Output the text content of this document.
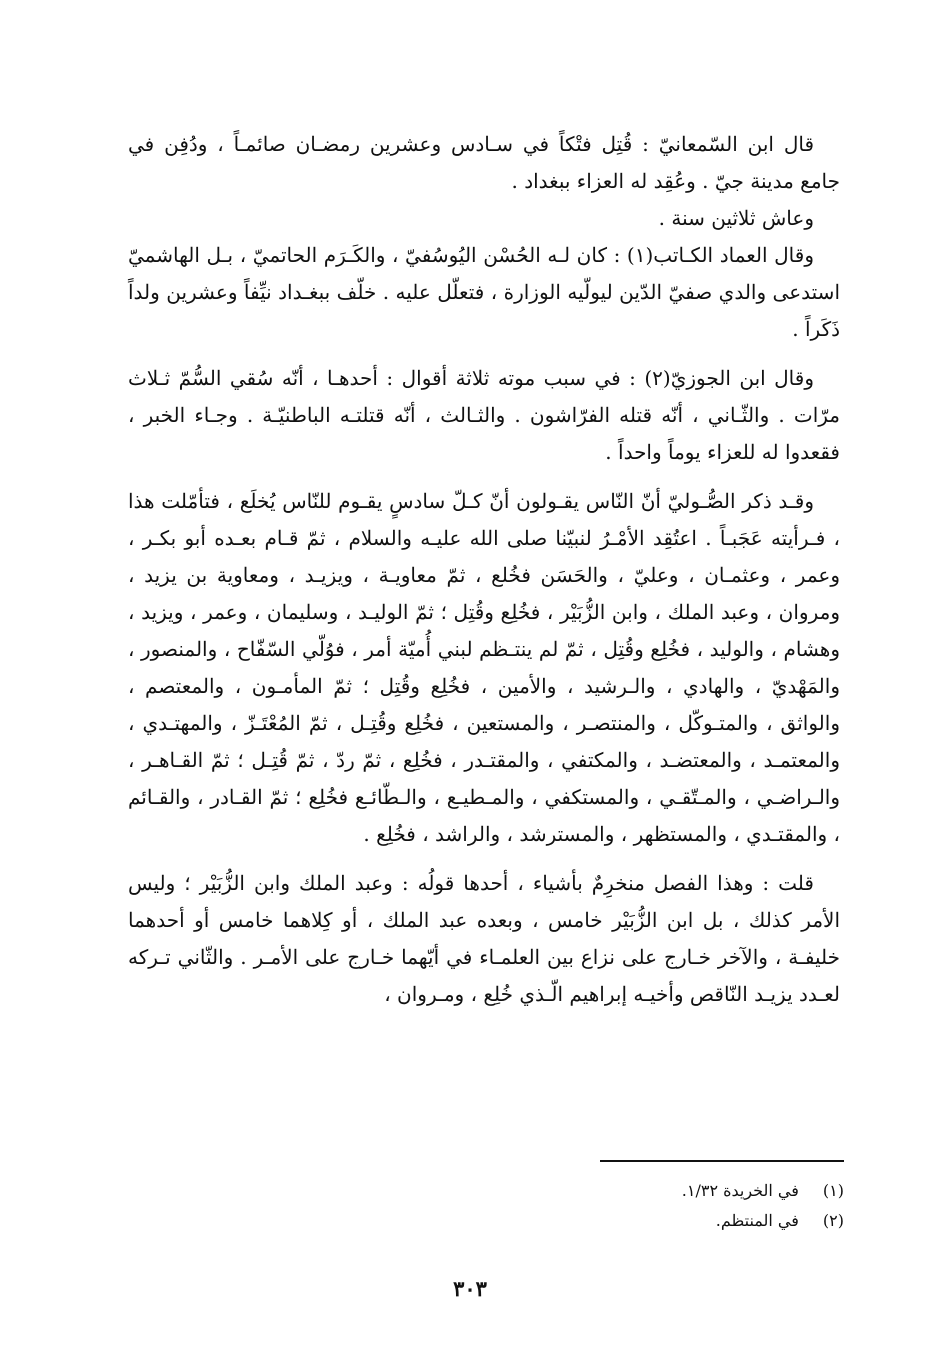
قال ابن السّمعانيّ : قُتِل فتْكاً في سـادس وعشرين رمضـان صائمـاً ، ودُفِن في جامع مدينة جيّ . وعُقِد له العزاء ببغداد .

وعاش ثلاثين سنة .

وقال العماد الكـاتب(١) : كان لـه الحُسْن اليُوسُفيّ ، والكَـرَم الحاتميّ ، بـل الهاشميّ استدعى والدي صفيّ الدّين ليولّيه الوزارة ، فتعلّل عليه . خلّف ببغـداد نيِّفاً وعشرين ولداً ذَكَراً .

وقال ابن الجوزيّ(٢) : في سبب موته ثلاثة أقوال : أحدهـا ، أنّه سُقي السُّمّ ثـلاث مرّات . والثّـاني ، أنّه قتله الفرّاشون . والثـالث ، أنّه قتلتـه الباطنيّـة . وجـاء الخبر ، فقعدوا له للعزاء يوماً واحداً .

وقـد ذكر الصُّـوليّ أنّ النّاس يقـولون أنّ كـلّ سادسٍ يقـوم للنّاس يُخلَع ، فتأمّلت هذا ، فـرأيته عَجَبـاً . اعتُقِد الأمْـرُ لنبيّنا صلى الله عليـه والسلام ، ثمّ قـام بعـده أبو بكـر ، وعمر ، وعثمـان ، وعليّ ، والحَسَن فخُلع ، ثمّ معاويـة ، ويزيـد ، ومعاوية بن يزيد ، ومروان ، وعبد الملك ، وابن الزُّبَيْر ، فخُلِع وقُتِل ؛ ثمّ الوليـد ، وسليمان ، وعمر ، ويزيد ، وهشام ، والوليد ، فخُلِع وقُتِل ، ثمّ لم ينتـظم لبني أُميّة أمر ، فوُلّي السّفّاح ، والمنصور ، والمَهْديّ ، والهادي ، والـرشيد ، والأمين ، فخُلِع وقُتِل ؛ ثمّ المأمـون ، والمعتصم ، والواثق ، والمتـوكّل ، والمنتصـر ، والمستعين ، فخُلِع وقُتِـل ، ثمّ المُعْتَـزّ ، والمهتـدي ، والمعتمـد ، والمعتضـد ، والمكتفي ، والمقتـدر ، فخُلِع ، ثمّ ردّ ، ثمّ قُتِـل ؛ ثمّ القـاهـر ، والـراضـي ، والمـتّقـي ، والمستكفي ، والمـطيـع ، والـطّائـع فخُلِع ؛ ثمّ القـادر ، والقـائم ، والمقتـدي ، والمستظهر ، والمسترشد ، والراشد ، فخُلِع .

قلت : وهذا الفصل منخرِمٌ بأشياء ، أحدها قولُه : وعبد الملك وابن الزُّبَيْر ؛ وليس الأمر كذلك ، بل ابن الزُّبَيْر خامس ، وبعده عبد الملك ، أو كِلاهما خامس أو أحدهما خليفـة ، والآخر خـارج على نزاع بين العلمـاء في أيّهما خـارج على الأمـر . والثّاني تـركه لعـدد يزيـد النّاقص وأخيـه إبراهيم الّـذي خُلِع ، ومـروان ،

(١) في الخريدة ١/٣٢.
(٢) في المنتظم.
٣٠٣
